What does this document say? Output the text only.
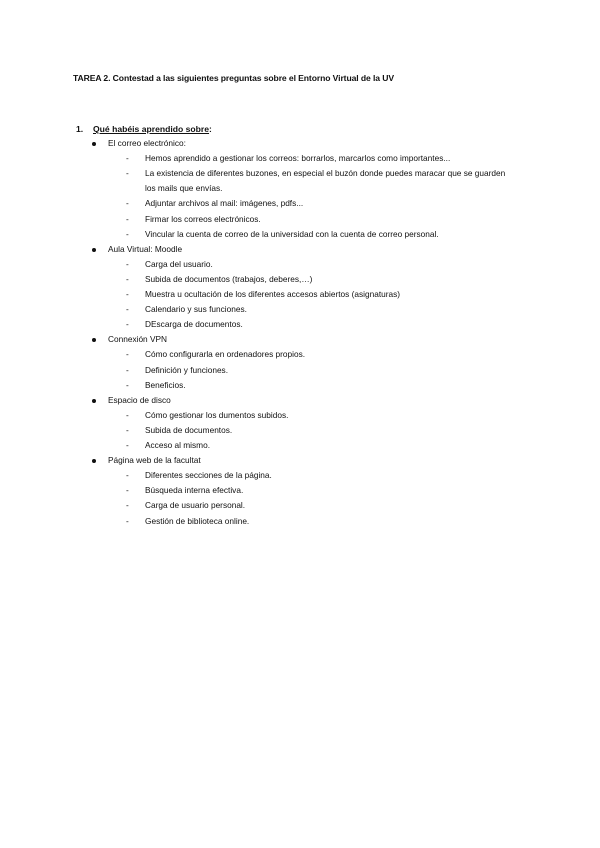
TAREA 2. Contestad a las siguientes preguntas sobre el Entorno Virtual de la UV
1. Qué habéis aprendido sobre:
El correo electrónico:
- Hemos aprendido a gestionar los correos: borrarlos, marcarlos como importantes...
- La existencia de diferentes buzones, en especial el buzón donde puedes maracar que se guarden
los mails que envías.
- Adjuntar archivos al mail: imágenes, pdfs...
- Firmar los correos electrónicos.
- Vincular la cuenta de correo de la universidad con la cuenta de correo personal.
Aula Virtual: Moodle
- Carga del usuario.
- Subida de documentos (trabajos, deberes,…)
- Muestra u ocultación de los diferentes accesos abiertos (asignaturas)
- Calendario y sus funciones.
- DEscarga de documentos.
Connexión VPN
- Cómo configurarla en ordenadores propios.
- Definición y funciones.
- Beneficios.
Espacio de disco
- Cómo gestionar los dumentos subidos.
- Subida de documentos.
- Acceso al mismo.
Página web de la facultat
- Diferentes secciones de la página.
- Búsqueda interna efectiva.
- Carga de usuario personal.
- Gestión de biblioteca online.
